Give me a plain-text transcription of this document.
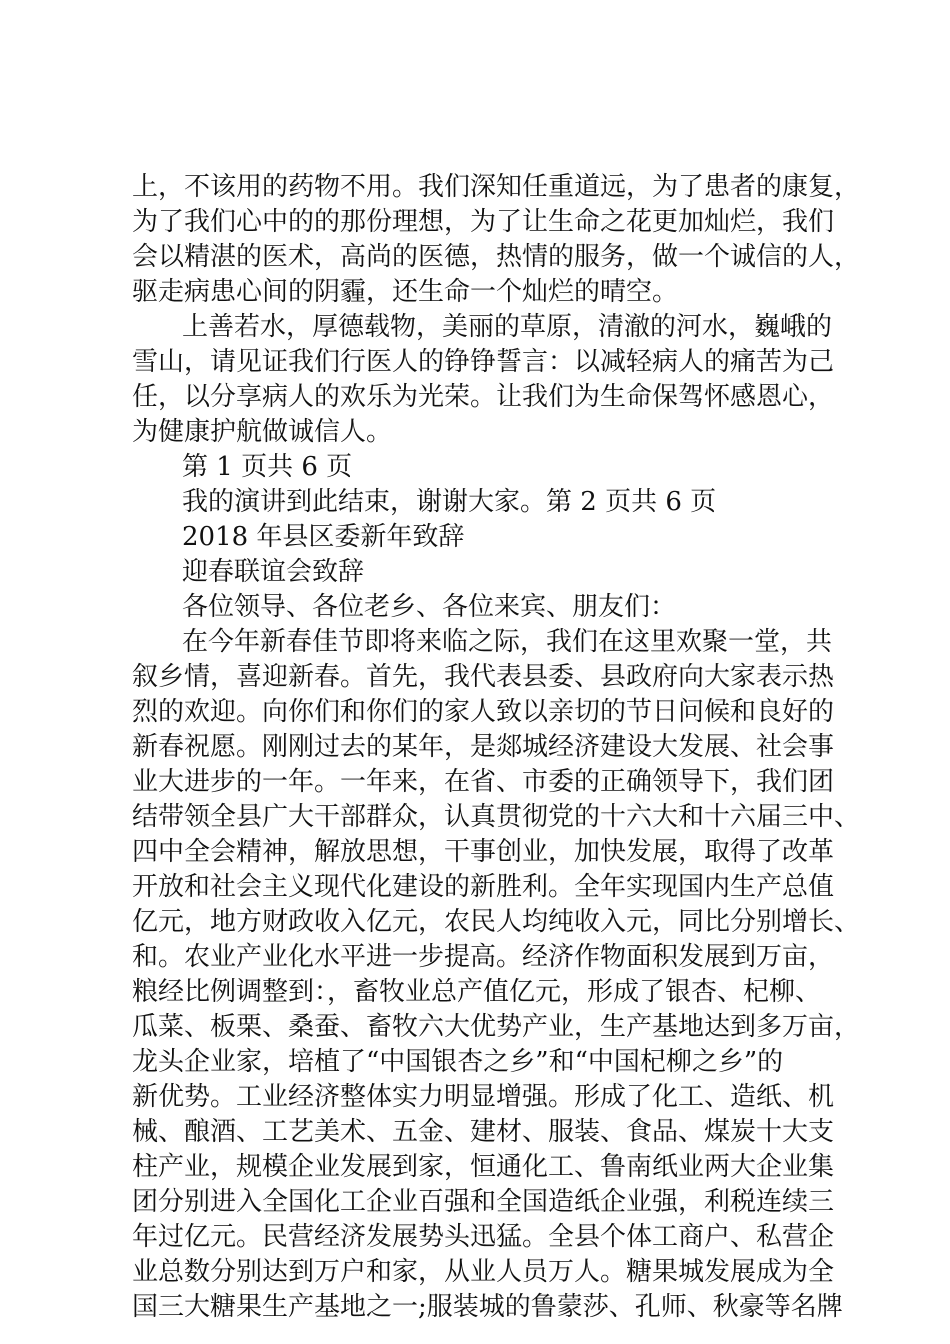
上，不该用的药物不用。我们深知任重道远，为了患者的康复，
为了我们心中的的那份理想，为了让生命之花更加灿烂，我们
会以精湛的医术，高尚的医德，热情的服务，做一个诚信的人，
驱走病患心间的阴霾，还生命一个灿烂的晴空。
上善若水，厚德载物，美丽的草原，清澈的河水，巍峨的
雪山，请见证我们行医人的铮铮誓言：以减轻病人的痛苦为己
任，以分享病人的欢乐为光荣。让我们为生命保驾怀感恩心，
为健康护航做诚信人。
第 1 页共 6 页
我的演讲到此结束，谢谢大家。第 2 页共 6 页
2018 年县区委新年致辞
迎春联谊会致辞
各位领导、各位老乡、各位来宾、朋友们：
在今年新春佳节即将来临之际，我们在这里欢聚一堂，共
叙乡情，喜迎新春。首先，我代表县委、县政府向大家表示热
烈的欢迎。向你们和你们的家人致以亲切的节日问候和良好的
新春祝愿。刚刚过去的某年，是郯城经济建设大发展、社会事
业大进步的一年。一年来，在省、市委的正确领导下，我们团
结带领全县广大干部群众，认真贯彻党的十六大和十六届三中、
四中全会精神，解放思想，干事创业，加快发展，取得了改革
开放和社会主义现代化建设的新胜利。全年实现国内生产总值
亿元，地方财政收入亿元，农民人均纯收入元，同比分别增长、
和。农业产业化水平进一步提高。经济作物面积发展到万亩，
粮经比例调整到：，畜牧业总产值亿元，形成了银杏、杞柳、
瓜菜、板栗、桑蚕、畜牧六大优势产业，生产基地达到多万亩，
龙头企业家，培植了“中国银杏之乡”和“中国杞柳之乡”的
新优势。工业经济整体实力明显增强。形成了化工、造纸、机
械、酿酒、工艺美术、五金、建材、服装、食品、煤炭十大支
柱产业，规模企业发展到家，恒通化工、鲁南纸业两大企业集
团分别进入全国化工企业百强和全国造纸企业强，利税连续三
年过亿元。民营经济发展势头迅猛。全县个体工商户、私营企
业总数分别达到万户和家，从业人员万人。糖果城发展成为全
国三大糖果生产基地之一;服装城的鲁蒙莎、孔师、秋豪等名牌
